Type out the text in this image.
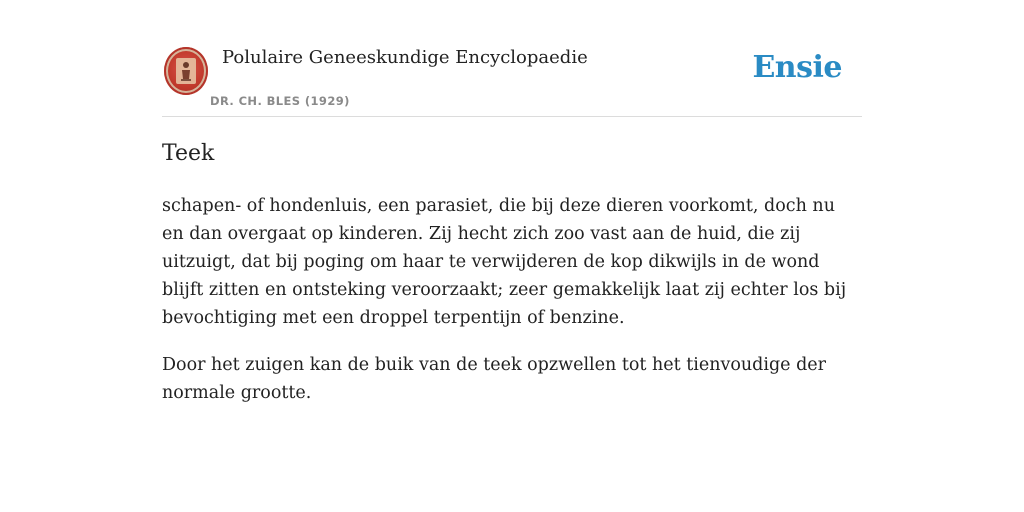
Polulaire Geneeskundige Encyclopaedie
DR. CH. BLES (1929)
Ensie
Teek

schapen- of hondenluis, een parasiet, die bij deze dieren voorkomt, doch nu en dan overgaat op kinderen. Zij hecht zich zoo vast aan de huid, die zij uitzuigt, dat bij poging om haar te verwijderen de kop dikwijls in de wond blijft zitten en ontsteking veroorzaakt; zeer gemakkelijk laat zij echter los bij bevochtiging met een droppel terpentijn of benzine.

Door het zuigen kan de buik van de teek opzwellen tot het tienvoudige der normale grootte.
